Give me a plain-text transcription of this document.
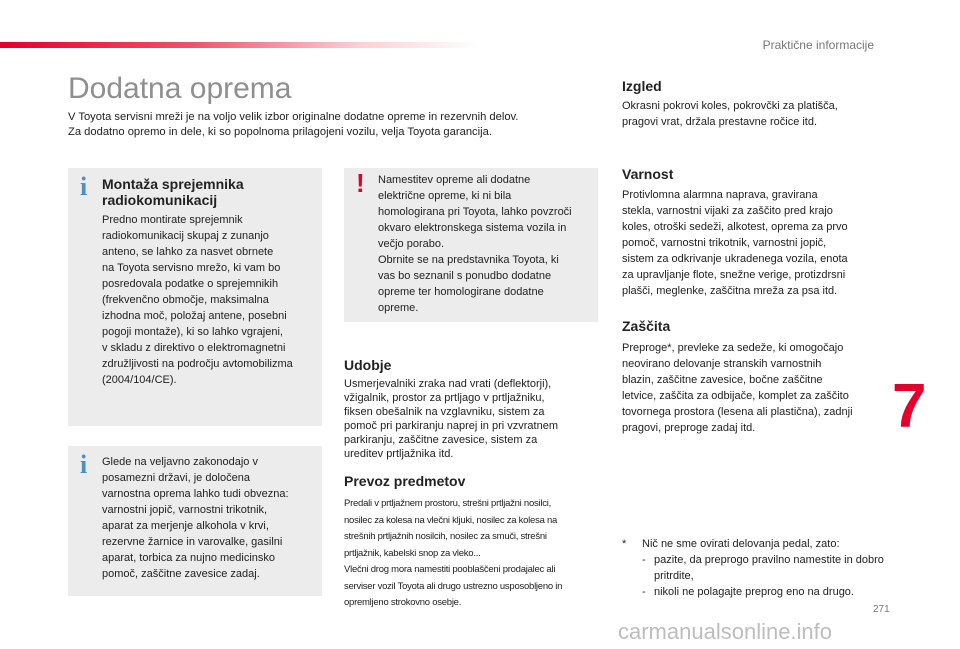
Praktične informacije
Dodatna oprema
V Toyota servisni mreži je na voljo velik izbor originalne dodatne opreme in rezervnih delov.
Za dodatno opremo in dele, ki so popolnoma prilagojeni vozilu, velja Toyota garancija.
i Montaža sprejemnika radiokomunikacij
Predno montirate sprejemnik
radiokomunikacij skupaj z zunanjo
anteno, se lahko za nasvet obrnete
na Toyota servisno mrežo, ki vam bo
posredovala podatke o sprejemnikih
(frekvenčno območje, maksimalna
izhodna moč, položaj antene, posebni
pogoji montaže), ki so lahko vgrajeni,
v skladu z direktivo o elektromagnetni
združljivosti na področju avtomobilizma
(2004/104/CE).
i Glede na veljavno zakonodajo v
posamezni državi, je določena
varnostna oprema lahko tudi obvezna:
varnostni jopič, varnostni trikotnik,
aparat za merjenje alkohola v krvi,
rezervne žarnice in varovalke, gasilni
aparat, torbica za nujno medicinsko
pomoč, zaščitne zavesice zadaj.
! Namestitev opreme ali dodatne
električne opreme, ki ni bila
homologirana pri Toyota, lahko povzroči
okvaro elektronskega sistema vozila in
večjo porabo.
Obrnite se na predstavnika Toyota, ki
vas bo seznanil s ponudbo dodatne
opreme ter homologirane dodatne
opreme.
Udobje
Usmerjevalniki zraka nad vrati (deflektorji),
vžigalnik, prostor za prtljago v prtljažniku,
fiksen obešalnik na vzglavniku, sistem za
pomoč pri parkiranju naprej in pri vzvratnem
parkiranju, zaščitne zavesice, sistem za
ureditev prtljažnika itd.
Prevoz predmetov
Predali v prtljažnem prostoru, strešni prtljažni nosilci,
nosilec za kolesa na vlečni kljuki, nosilec za kolesa na
strešnih prtljažnih nosilcih, nosilec za smuči, strešni
prtljažnik, kabelski snop za vleko...
Vlečni drog mora namestiti pooblaščeni prodajalec ali
serviser vozil Toyota ali drugo ustrezno usposobljeno in
opremljeno strokovno osebje.
Izgled
Okrasni pokrovi koles, pokrovčki za platišča,
pragovi vrat, držala prestavne ročice itd.
Varnost
Protivlomna alarmna naprava, gravirana
stekla, varnostni vijaki za zaščito pred krajo
koles, otroški sedeži, alkotest, oprema za prvo
pomoč, varnostni trikotnik, varnostni jopič,
sistem za odkrivanje ukradenega vozila, enota
za upravljanje flote, snežne verige, protizdrsni
plašči, meglenke, zaščitna mreža za psa itd.
Zaščita
Preproge*, prevleke za sedeže, ki omogočajo
neovirano delovanje stranskih varnostnih
blazin, zaščitne zavesice, bočne zaščitne
letvice, zaščita za odbijače, komplet za zaščito
tovornega prostora (lesena ali plastična), zadnji
pragovi, preproge zadaj itd.	7
*	Nič ne sme ovirati delovanja pedal, zato:
- pazite, da preprogo pravilno namestite in dobro pritrdite,
- nikoli ne polagajte preprog eno na drugo.
271
carmanualsonline.info
